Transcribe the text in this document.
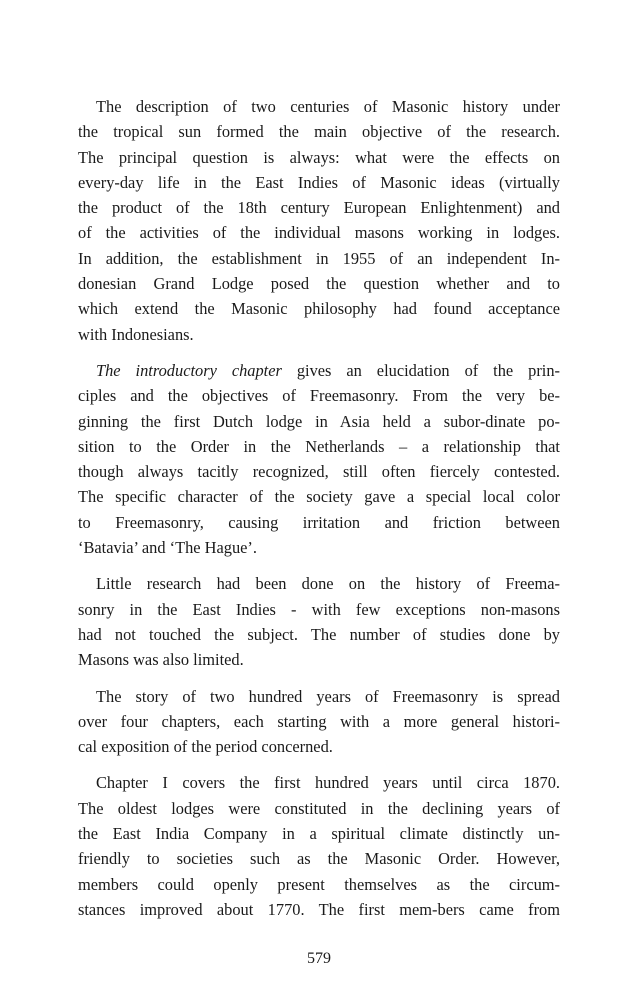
The description of two centuries of Masonic history under
the tropical sun formed the main objective of the research.
The principal question is always: what were the effects on
every-day life in the East Indies of Masonic ideas (virtually
the product of the 18th century European Enlightenment) and
of the activities of the individual masons working in lodges.
In addition, the establishment in 1955 of an independent In-
donesian Grand Lodge posed the question whether and to
which extend the Masonic philosophy had found acceptance
with Indonesians.

The introductory chapter gives an elucidation of the prin-
ciples and the objectives of Freemasonry. From the very be-
ginning the first Dutch lodge in Asia held a subor-dinate po-
sition to the Order in the Netherlands – a relationship that
though always tacitly recognized, still often fiercely contested.
The specific character of the society gave a special local color
to Freemasonry, causing irritation and friction between
‘Batavia’ and ‘The Hague’.

Little research had been done on the history of Freema-
sonry in the East Indies - with few exceptions non-masons
had not touched the subject. The number of studies done by
Masons was also limited.

The story of two hundred years of Freemasonry is spread
over four chapters, each starting with a more general histori-
cal exposition of the period concerned.

Chapter I covers the first hundred years until circa 1870.
The oldest lodges were constituted in the declining years of
the East India Company in a spiritual climate distinctly un-
friendly to societies such as the Masonic Order. However,
members could openly present themselves as the circum-
stances improved about 1770. The first mem-bers came from

579
